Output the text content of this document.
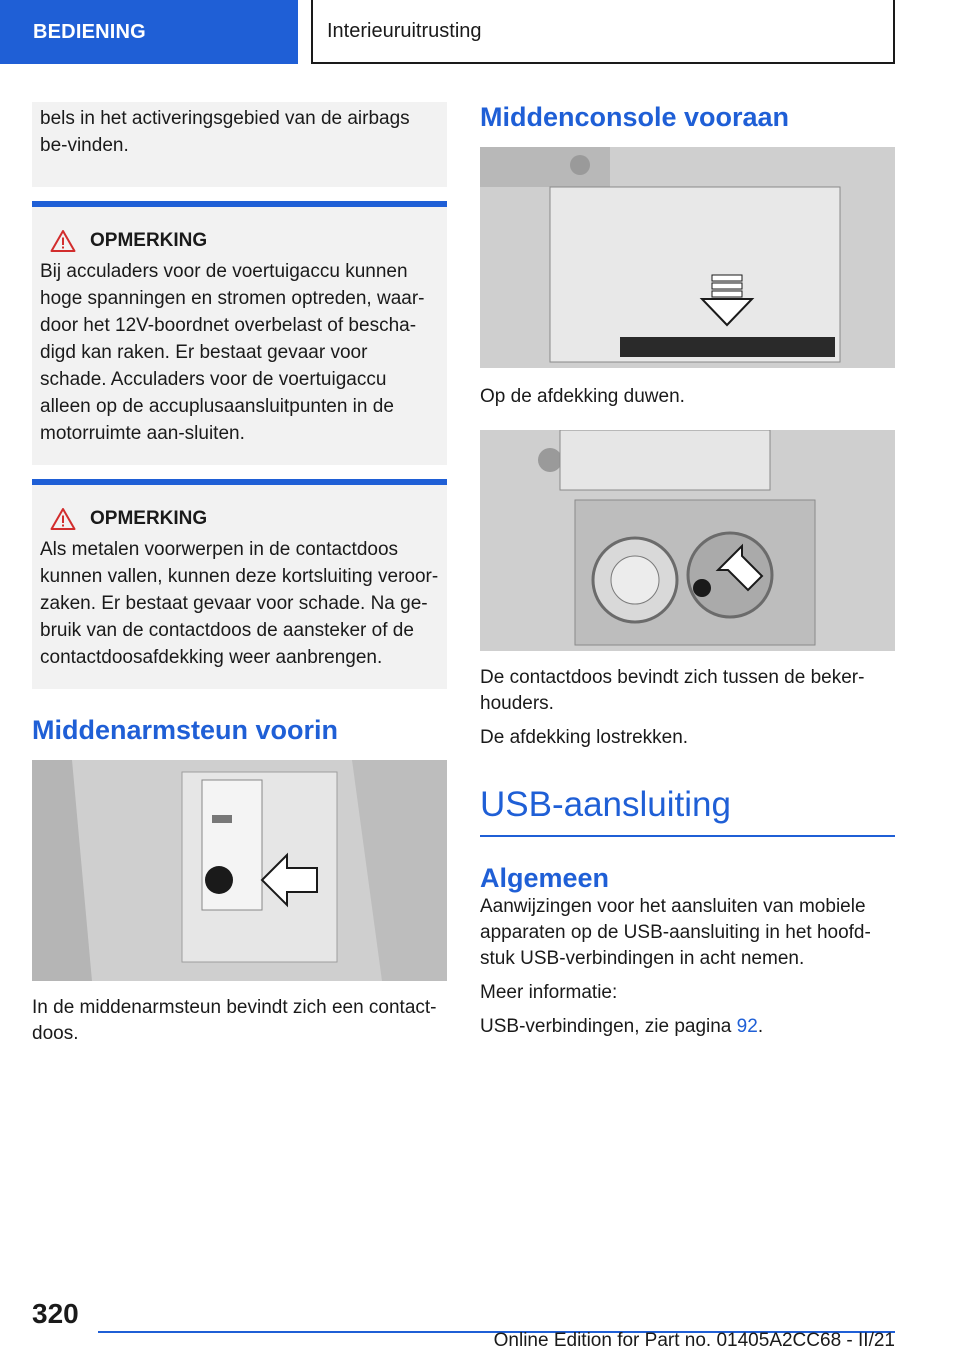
BEDIENING	Interieuruitrusting
bels in het activeringsgebied van de airbags be-vinden.
OPMERKING
Bij acculaders voor de voertuigaccu kunnen hoge spanningen en stromen optreden, waar-door het 12V-boordnet overbelast of bescha-digd kan raken. Er bestaat gevaar voor schade. Acculaders voor de voertuigaccu alleen op de accuplusaansluitpunten in de motorruimte aan-sluiten.
OPMERKING
Als metalen voorwerpen in de contactdoos kunnen vallen, kunnen deze kortsluiting veroor-zaken. Er bestaat gevaar voor schade. Na ge-bruik van de contactdoos de aansteker of de contactdoosafdekking weer aanbrengen.
Middenarmsteun voorin

In de middenarmsteun bevindt zich een contact-doos.

Middenconsole vooraan

Op de afdekking duwen.

De contactdoos bevindt zich tussen de beker-houders.

De afdekking lostrekken.

USB-aansluiting
Algemeen

Aanwijzingen voor het aansluiten van mobiele apparaten op de USB-aansluiting in het hoofd-stuk USB-verbindingen in acht nemen.

Meer informatie:

USB-verbindingen, zie pagina 92.

320
Online Edition for Part no. 01405A2CC68 - II/21
